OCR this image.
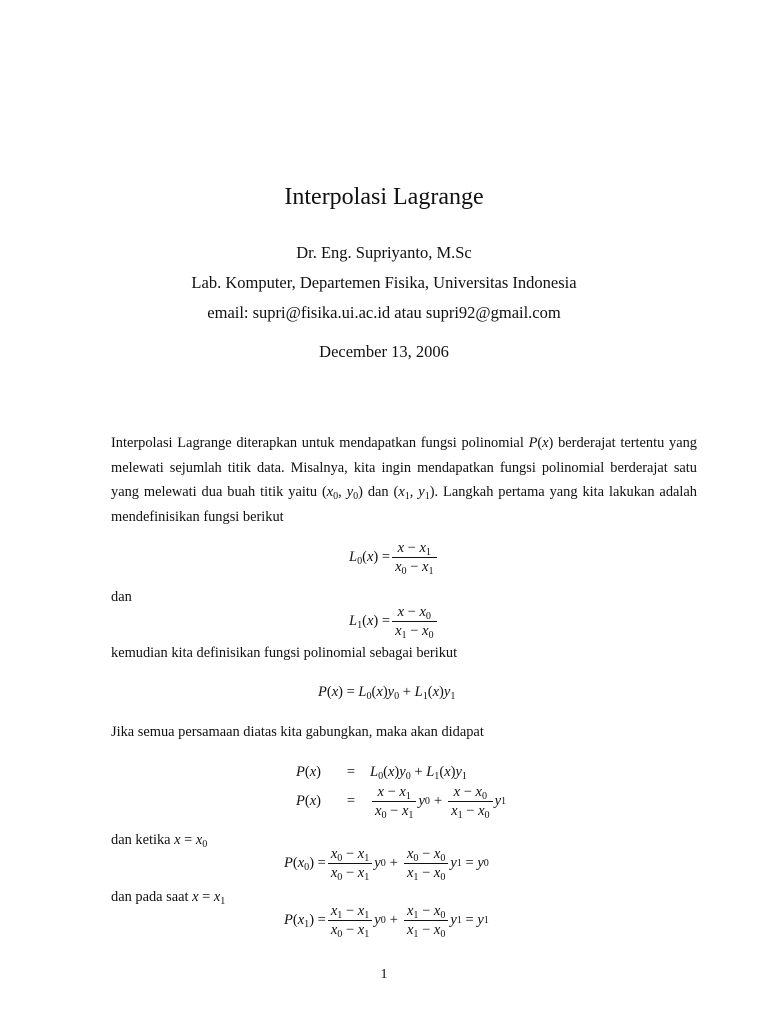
Interpolasi Lagrange
Dr. Eng. Supriyanto, M.Sc
Lab. Komputer, Departemen Fisika, Universitas Indonesia
email: supri@fisika.ui.ac.id atau supri92@gmail.com
December 13, 2006
Interpolasi Lagrange diterapkan untuk mendapatkan fungsi polinomial P(x) berderajat tertentu yang melewati sejumlah titik data. Misalnya, kita ingin mendapatkan fungsi polinomial berderajat satu yang melewati dua buah titik yaitu ($x_0$, $y_0$) dan ($x_1$, $y_1$). Langkah pertama yang kita lakukan adalah mendefinisikan fungsi berikut
$L_0(x) = \frac{x - x_1}{x_0 - x_1}$
dan
$L_1(x) = \frac{x - x_0}{x_1 - x_0}$
kemudian kita definisikan fungsi polinomial sebagai berikut
$P(x) = L_0(x)y_0 + L_1(x)y_1$
Jika semua persamaan diatas kita gabungkan, maka akan didapat
P(x)	=	$L_0(x)y_0 + L_1(x)y_1$
P(x)	=	$\frac{x - x_1}{x_0 - x_1}$ y $0 + \frac{x - x_0}{x_1 - x_0}$ y 1
dan ketika $x = x_0$
$P(x_0) = \frac{x_0 - x_1}{x_0 - x_1}$ y $0 + \frac{x_0 - x_0}{x_1 - x_0}$ y 1 = y 0
dan pada saat $x = x_1$
$P(x_1) = \frac{x_1 - x_1}{x_0 - x_1}$ y $0 + \frac{x_1 - x_0}{x_1 - x_0}$ y 1 = y 1
1
